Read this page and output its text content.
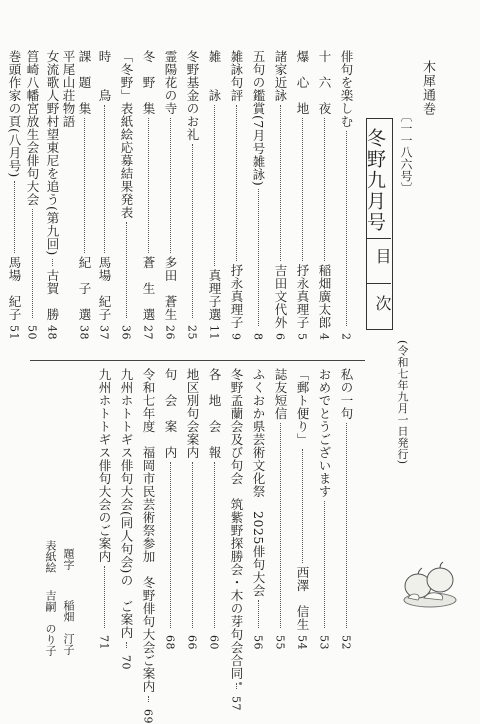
木犀通巻
〔一一八六号〕
冬野九月号
目
次
(令和七年九月一日発行)
俳句を楽しむ
2
十　六　夜
稲畑廣太郎
4
爆　心　地
抒永真理子
5
諸家近詠
吉田文代外
6
五句の鑑賞(7月号雑詠)
8
雑詠句評
抒永真理子
9
雑　　詠
真理子選
11
冬野基金のお礼
25
霊陽花の寺
多田　蒼生
26
冬　野　集
蒼　生　選
27
「冬野」表紙絵応募結果発表
36
時　　鳥
馬場　紀子
37
課　題　集
紀　子　選
38
平尾山荘物語
女流歌人野村望東尼を追う(第九回)
古賀　勝
48
筥崎八幡宮放生会俳句大会
50
巻頭作家の頁(八月号)
馬場　紀子
51
私の一句
52
おめでとうございます
53
「郵ト便り」
西澤　信生
54
誌友短信
55
ふくおか県芸術文化祭　2025俳句大会
56
冬野孟蘭会及び句会　筑紫野探勝会・木の芽句会合同
57
各　地　会　報
60
地区別句会案内
66
句　会　案　内
68
令和七年度　福岡市民芸術祭参加　冬野俳句大会ご案内
69
九州ホトトギス俳句大会(同人句会)の　ご案内
70
九州ホトトギス俳句大会のご案内
71
題字
表紙絵
稲畑　汀子
吉嗣　のり子
